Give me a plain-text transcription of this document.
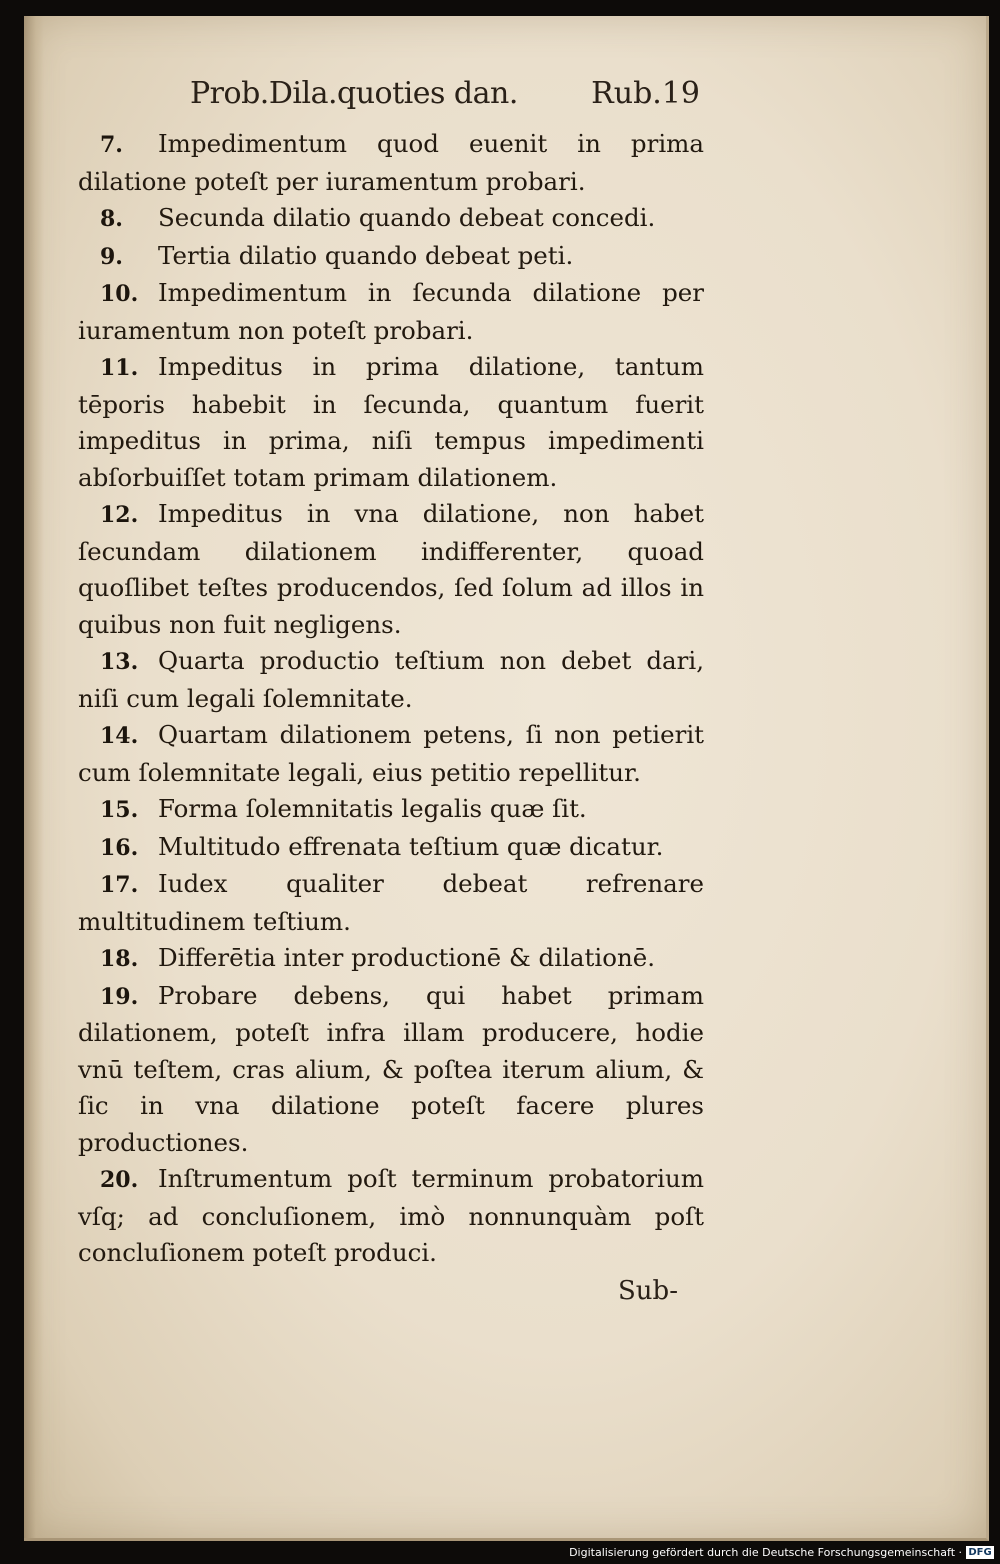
Prob.Dila.quoties dan. Rub.19

7. Impedimentum quod euenit in prima dilatione poteſt per iuramentum probari.

8. Secunda dilatio quando debeat concedi.

9. Tertia dilatio quando debeat peti.

10. Impedimentum in ſecunda dilatione per iuramentum non poteſt probari.

11. Impeditus in prima dilatione, tantum tēporis habebit in ſecunda, quantum fuerit impeditus in prima, niſi tempus impedimenti abſorbuiſſet totam primam dilationem.

12. Impeditus in vna dilatione, non habet ſecundam dilationem indifferenter, quoad quoſlibet teſtes producendos, ſed ſolum ad illos in quibus non fuit negligens.

13. Quarta productio teſtium non debet dari, niſi cum legali ſolemnitate.

14. Quartam dilationem petens, ſi non petierit cum ſolemnitate legali, eius petitio repellitur.

15. Forma ſolemnitatis legalis quæ ſit.

16. Multitudo effrenata teſtium quæ dicatur.

17. Iudex qualiter debeat refrenare multitudinem teſtium.

18. Differētia inter productionē & dilationē.

19. Probare debens, qui habet primam dilationem, poteſt infra illam producere, hodie vnū teſtem, cras alium, & poſtea iterum alium, & ſic in vna dilatione poteſt facere plures productiones.

20. Inſtrumentum poſt terminum probatorium vſq; ad concluſionem, imò nonnunquàm poſt concluſionem poteſt produci.

Sub-
Digitalisierung gefördert durch die Deutsche Forschungsgemeinschaft · DFG
